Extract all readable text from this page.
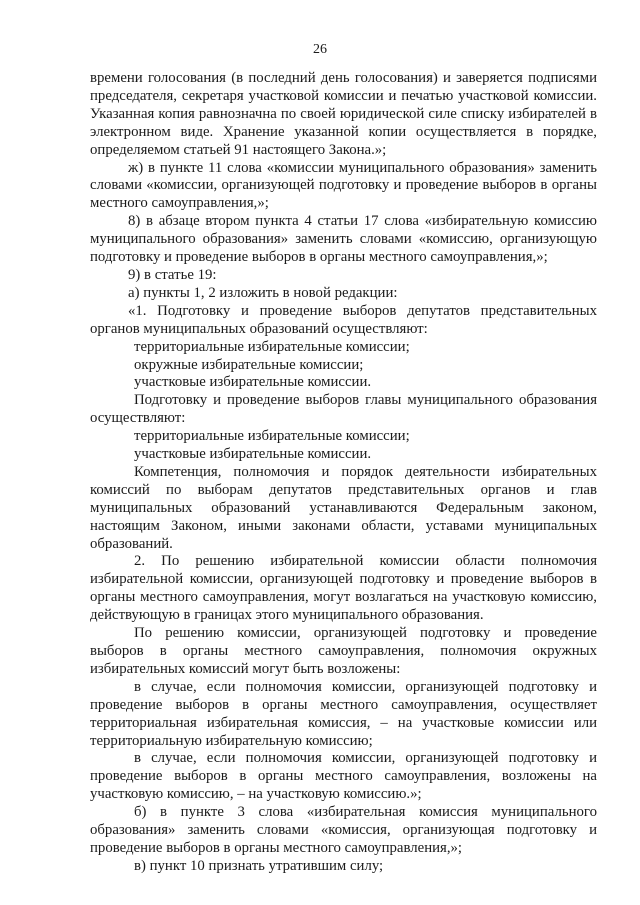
26

времени голосования (в последний день голосования) и заверяется подписями председателя, секретаря участковой комиссии и печатью участковой комиссии. Указанная копия равнозначна по своей юридической силе списку избирателей в электронном виде. Хранение указанной копии осуществляется в порядке, определяемом статьей 91 настоящего Закона.»;

ж) в пункте 11 слова «комиссии муниципального образования» заменить словами «комиссии, организующей подготовку и проведение выборов в органы местного самоуправления,»;

8) в абзаце втором пункта 4 статьи 17 слова «избирательную комиссию муниципального образования» заменить словами «комиссию, организующую подготовку и проведение выборов в органы местного самоуправления,»;

9) в статье 19:

а) пункты 1, 2 изложить в новой редакции:

«1. Подготовку и проведение выборов депутатов представительных органов муниципальных образований осуществляют:

территориальные избирательные комиссии;

окружные избирательные комиссии;

участковые избирательные комиссии.

Подготовку и проведение выборов главы муниципального образования осуществляют:

территориальные избирательные комиссии;

участковые избирательные комиссии.

Компетенция, полномочия и порядок деятельности избирательных комиссий по выборам депутатов представительных органов и глав муниципальных образований устанавливаются Федеральным законом, настоящим Законом, иными законами области, уставами муниципальных образований.

2. По решению избирательной комиссии области полномочия избирательной комиссии, организующей подготовку и проведение выборов в органы местного самоуправления, могут возлагаться на участковую комиссию, действующую в границах этого муниципального образования.

По решению комиссии, организующей подготовку и проведение выборов в органы местного самоуправления, полномочия окружных избирательных комиссий могут быть возложены:

в случае, если полномочия комиссии, организующей подготовку и проведение выборов в органы местного самоуправления, осуществляет территориальная избирательная комиссия, – на участковые комиссии или территориальную избирательную комиссию;

в случае, если полномочия комиссии, организующей подготовку и проведение выборов в органы местного самоуправления, возложены на участковую комиссию, – на участковую комиссию.»;

б) в пункте 3 слова «избирательная комиссия муниципального образования» заменить словами «комиссия, организующая подготовку и проведение выборов в органы местного самоуправления,»;

в) пункт 10 признать утратившим силу;
